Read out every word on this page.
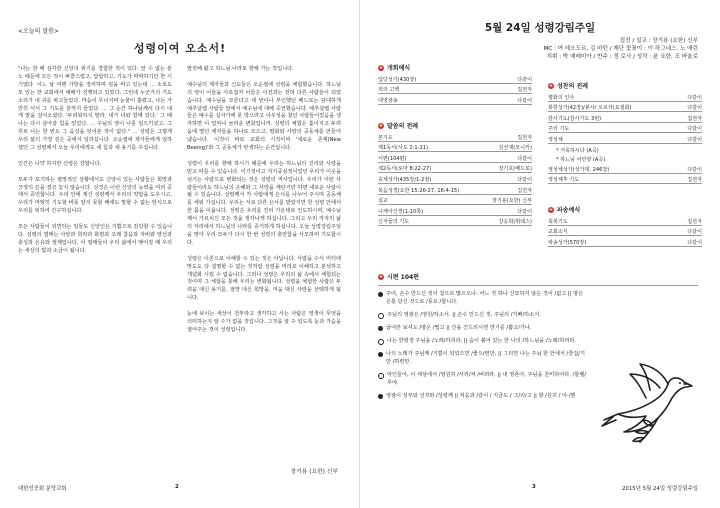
<오늘의 말씀>
성령이여 오소서!

"나는 한 때 심각한 신앙의 위기를 경험한 적이 있다. 앞 수 없는 분노 때문에 모든 것이 퍼즐스럽고, 답답하고, 기도가 막막하기만 한 시기였다. 어느 날 여행 가방을 정리하며 짐을 싸고 있는데 ... 소로도 모 있는 한 교회에서 예배가 진행되고 있었다. 그런데 누군가의 기도 소리가 내 귀를 파고들었다. 마음이 무너지며 눈물이 흘렀고, 나는 가만히 서서 그 기도를 끝까지 들었다. ... 그 순간 하나님께서 다시 내게 말을 걸어오셨다. '두려워하지 말라. 내가 너와 함께 있다.' 그 때 나는 다시 살아갈 힘을 얻었다. ... 주님의 영이 나를 일으키셨고, 그 후로 나는 한 번도 그 음성을 잊어본 적이 없다." ... 성령은 그렇게 우리 삶의 가장 깊은 곳에서 일하십니다. 오순절에 제자들에게 임하셨던 그 성령께서 오늘 우리에게도 새 힘과 새 용기를 주십니다.

인간은 나약 하지만 신령은 강합니다.

모두가 포기하는 절망적인 상황에서도 신앙이 있는 사람들은 희망과 긍정의 끈을 결코 놓지 않습니다. 성경은 이런 신앙의 능력을 여러 곳에서 증언합니다. 우리 안에 계신 성령께서 우리의 약함을 도우시고, 우리가 마땅히 기도할 바를 알지 못할 때에도 말할 수 없는 탄식으로 우리를 위하여 간구하십니다.

모든 사람들이 외면하는 일들도 신앙인은 기쁨으로 감당할 수 있습니다. 성령의 열매는 사랑과 희락과 화평과 오래 참음과 자비와 양선과 충성과 온유와 절제입니다. 이 열매들이 우리 삶에서 맺어질 때 우리는 세상의 빛과 소금이 됩니다.

발전해 왔고 하느님 나라로 향해 가는 것입니다.

예수님의 제자들과 신도들은 오순절에 성령을 체험했습니다. 하느님의 영이 이들을 사로잡자 이들은 이전과는 전혀 다른 사람들이 되었습니다. 예수님을 모른다고 세 번이나 부인했던 베드로는 담대하게 예루살렘 사람들 앞에서 예수님에 대해 증언했습니다. 예루살렘 사람들은 예수를 십자가에 못 박으라고 아우성을 쳤던 사람들이었음을 생각하면 이 얼마나 놀라운 변화입니까. 성령의 체험은 흩어지고 두려움에 떨던 제자들을 하나로 모으고, 평화와 사랑의 공동체를 만들어 냈습니다. 이것이 바로 교회의 시작이며 '새로운 존재(New Beeing)'와 그 공동체가 탄생하는 순간입니다.

성령이 우리를 향해 하시기 때문에 우리는 하느님의 진리와 사랑을 믿고 따를 수 있습니다. 이기적이고 자기중심적이었던 우리가 이웃을 섬기는 사람으로 변화되는 것은 성령의 역사입니다. 우리가 어떤 사람들이라도 하느님의 은혜와 그 사랑을 깨닫기만 하면 새로운 사람이 될 수 있습니다. 성령께서 각 사람에게 은사를 나누어 주시며 공동체를 세워 가십니다. 우리는 서로 다른 은사를 받았지만 한 성령 안에서 한 몸을 이룹니다. 성령은 우리를 진리 가운데로 인도하시며, 예수님께서 가르치신 모든 것을 생각나게 하십니다. 그리고 우리 각자의 삶의 자리에서 하느님의 나라를 증거하게 하십니다. 오늘 성령강림주일을 맞아 우리 모두가 다시 한 번 성령의 충만함을 사모하며 기도합시다.

성령은 이론으로 이해할 수 있는 것은 아닙니다. 사람을 수식 미터에 맞도도 다 설명할 수 없는 것처럼 성령을 머리로 이해하고 분석하고 개념화 시킬 수 없습니다. 그러나 성령은 우리의 삶 속에서 체험되는 것이며 그 체험을 통해 우리는 변화됩니다. 성령을 체험한 사람은 두려움 대신 용기를, 절망 대신 희망을, 미움 대신 사랑을 선택하게 됩니다.

눈에 보이는 세상이 전부라고 생각하고 사는 사람은 영생이 무엇을 의미하는지 알 수가 없을 것입니다. 그것을 알 수 있도록 눈과 가슴을 열어주는 것이 성령입니다.

장기용 (요한) 신부
대한성공회 분당교회	2
5월 24일 성령강림주일
집전 / 설교 : 장기용 (요한) 신부
MC : 여 데오도르, 김 마틴 / 제단 꽃꽂이 : 이 하그네스, 노 애린
지휘 : 박 예레미아 / 반주 : 정 로사 / 성작 : 윤 요한, 조 바울로
+ 개회예식
입당성가(430장)	다같이
죄의 고백	집전자
대영광송	다같이
+ 말씀의 전례
본기도	집전자
제1독서(사도 2:1-21)	김선재(모니카)
시편(104편)	다같이
제2독서(로마 8:22-27)	장기호(베드로)
층계성가(435장/1-2절)	다같이
복음성경(요한 15:26-27, 16:4-15)	집전자
설교	장기용(요한) 신부
니케아신경(1-10쪽)	다같이
신자들의 기도	강승희(휘데스)
+ 성찬의 전례
평화의 인사	다같이
봉헌성가(42장)/봉사/ 오르자(요점회)	다같이
감사기도(감사기도 3번)	집전자
주의 기도	다같이
영성체	다같이
* 거룩하시다 (A곡)
* 하느님 어린양 (A곡)
영성체성가(성가대, 246장)	다같이
영성체후 기도	집전자
+ 파송예식
축복기도	집전자
교회소식	다같이
파송성가(570장)	다같이
+ 시편 104편
주여, 손수 만드신 것이 참으로 많으오나: 어느 것 하나 신묘하지 않은 것이 /없고 || 땅은 온통 당신 것으로 /풍요 /합니다.
주님의 영광은 /영원/하소서. || 손수 만드신 것, 주님의 /기뻐/하소서.
굽어만 보셔도 /땅은 /떨고 || 산을 건드리시면 연기를 /뿜고/가나.
나는 한평생 주님을 /노래/하리라, || 숨이 붙어 있는 한 나의 /하느님을 /노래/하리라.
나의 노래가 주님께 /기쁨이 되었으면 /좋으/련만, || 그리면 나는 주님 한 안에서 /즐겁/기만 /하련만.
악인들아, 이 세상에서 /영원히 /사리/져 /버려라. || 내 영혼아, 주님을 찬미하여라. /할렐/루야.
영광이 성부와 성자와 /성령께 || 처음과 /같이 / 지금도 / 그/리/고 || 항 /원히 / 아-/멘
3	2015년 5월 24일 성령강림주일
